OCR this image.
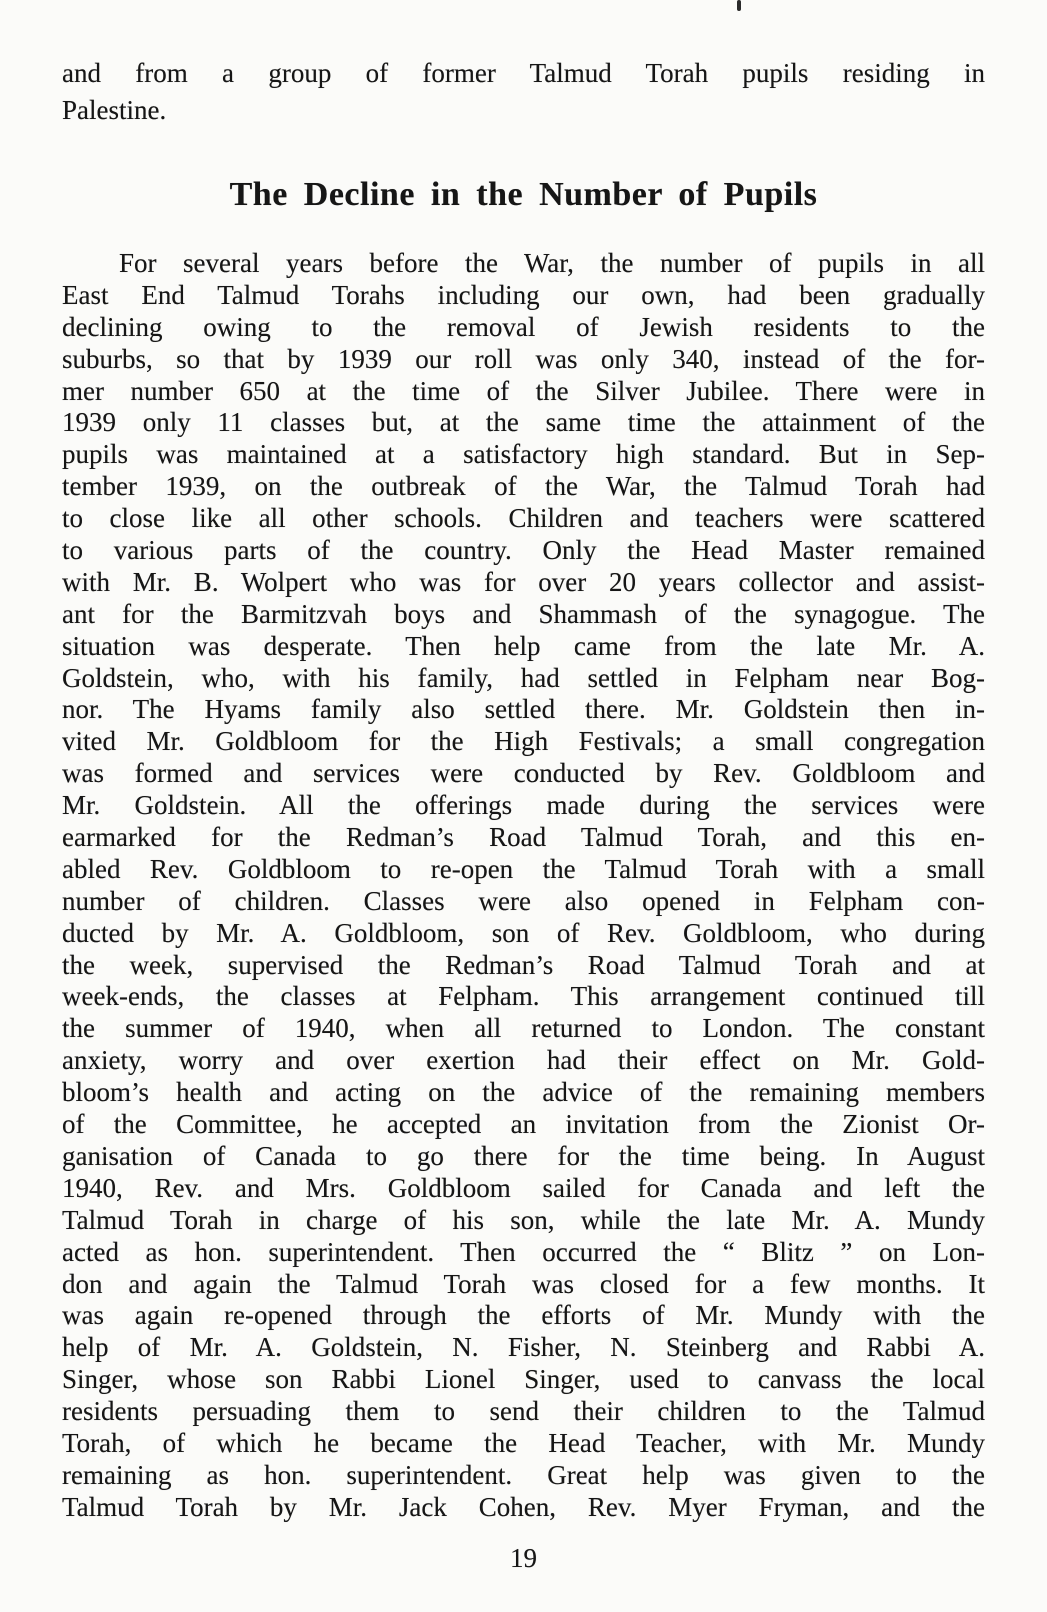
and from a group of former Talmud Torah pupils residing in
Palestine.
The Decline in the Number of Pupils
For several years before the War, the number of pupils in all
East End Talmud Torahs including our own, had been gradually
declining owing to the removal of Jewish residents to the
suburbs, so that by 1939 our roll was only 340, instead of the for-
mer number 650 at the time of the Silver Jubilee. There were in
1939 only 11 classes but, at the same time the attainment of the
pupils was maintained at a satisfactory high standard. But in Sep-
tember 1939, on the outbreak of the War, the Talmud Torah had
to close like all other schools. Children and teachers were scattered
to various parts of the country. Only the Head Master remained
with Mr. B. Wolpert who was for over 20 years collector and assist-
ant for the Barmitzvah boys and Shammash of the synagogue. The
situation was desperate. Then help came from the late Mr. A.
Goldstein, who, with his family, had settled in Felpham near Bog-
nor. The Hyams family also settled there. Mr. Goldstein then in-
vited Mr. Goldbloom for the High Festivals; a small congregation
was formed and services were conducted by Rev. Goldbloom and
Mr. Goldstein. All the offerings made during the services were
earmarked for the Redman’s Road Talmud Torah, and this en-
abled Rev. Goldbloom to re-open the Talmud Torah with a small
number of children. Classes were also opened in Felpham con-
ducted by Mr. A. Goldbloom, son of Rev. Goldbloom, who during
the week, supervised the Redman’s Road Talmud Torah and at
week-ends, the classes at Felpham. This arrangement continued till
the summer of 1940, when all returned to London. The constant
anxiety, worry and over exertion had their effect on Mr. Gold-
bloom’s health and acting on the advice of the remaining members
of the Committee, he accepted an invitation from the Zionist Or-
ganisation of Canada to go there for the time being. In August
1940, Rev. and Mrs. Goldbloom sailed for Canada and left the
Talmud Torah in charge of his son, while the late Mr. A. Mundy
acted as hon. superintendent. Then occurred the “ Blitz ” on Lon-
don and again the Talmud Torah was closed for a few months. It
was again re-opened through the efforts of Mr. Mundy with the
help of Mr. A. Goldstein, N. Fisher, N. Steinberg and Rabbi A.
Singer, whose son Rabbi Lionel Singer, used to canvass the local
residents persuading them to send their children to the Talmud
Torah, of which he became the Head Teacher, with Mr. Mundy
remaining as hon. superintendent. Great help was given to the
Talmud Torah by Mr. Jack Cohen, Rev. Myer Fryman, and the
19
